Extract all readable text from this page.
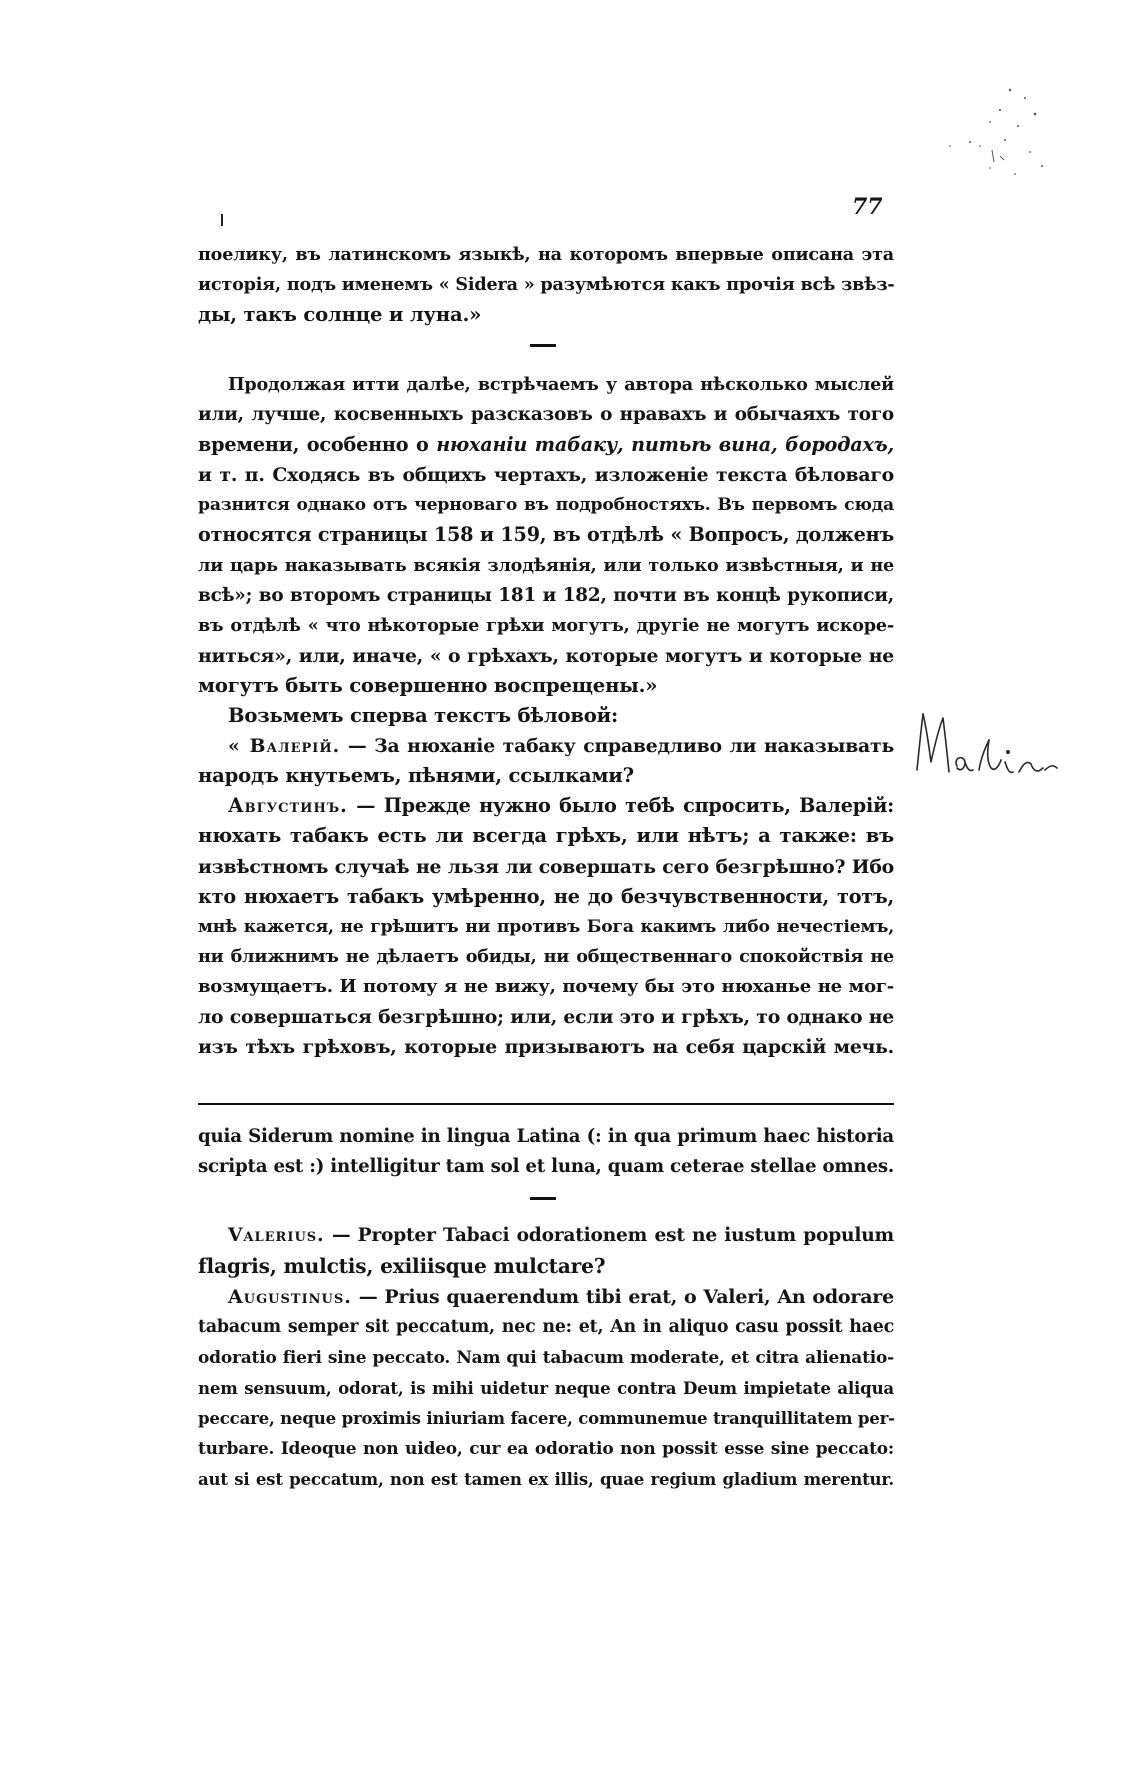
77

поелику, въ латинскомъ языкѣ, на которомъ впервые описана эта

исторія, подъ именемъ « Sidera » разумѣются какъ прочія всѣ звѣз-

ды, такъ солнце и луна.»

Продолжая итти далѣе, встрѣчаемъ у автора нѣсколько мыслей

или, лучше, косвенныхъ разсказовъ о нравахъ и обычаяхъ того

времени, особенно о нюханіи табаку, питьѣ вина, бородахъ,

и т. п. Сходясь въ общихъ чертахъ, изложеніе текста бѣловаго

разнится однако отъ черноваго въ подробностяхъ. Въ первомъ сюда

относятся страницы 158 и 159, въ отдѣлѣ « Вопросъ, долженъ

ли царь наказывать всякія злодѣянія, или только извѣстныя, и не

всѣ»; во второмъ страницы 181 и 182, почти въ концѣ рукописи,

въ отдѣлѣ « что нѣкоторые грѣхи могутъ, другіе не могутъ искоре-

ниться», или, иначе, « о грѣхахъ, которые могутъ и которые не

могутъ быть совершенно воспрещены.»

Возьмемъ сперва текстъ бѣловой:

« Валерій. — За нюханіе табаку справедливо ли наказывать

народъ кнутьемъ, пѣнями, ссылками?

Августинъ. — Прежде нужно было тебѣ спросить, Валерій:

нюхать табакъ есть ли всегда грѣхъ, или нѣтъ; а также: въ

извѣстномъ случаѣ не льзя ли совершать сего безгрѣшно? Ибо

кто нюхаетъ табакъ умѣренно, не до безчувственности, тотъ,

мнѣ кажется, не грѣшитъ ни противъ Бога какимъ либо нечестіемъ,

ни ближнимъ не дѣлаетъ обиды, ни общественнаго спокойствія не

возмущаетъ. И потому я не вижу, почему бы это нюханье не мог-

ло совершаться безгрѣшно; или, если это и грѣхъ, то однако не

изъ тѣхъ грѣховъ, которые призываютъ на себя царскій мечь.

quia Siderum nomine in lingua Latina (: in qua primum haec historia

scripta est :) intelligitur tam sol et luna, quam ceterae stellae omnes.

Valerius. — Propter Tabaci odorationem est ne iustum populum

flagris, mulctis, exiliisque mulctare?

Augustinus. — Prius quaerendum tibi erat, o Valeri, An odorare

tabacum semper sit peccatum, nec ne: et, An in aliquo casu possit haec

odoratio fieri sine peccato. Nam qui tabacum moderate, et citra alienatio-

nem sensuum, odorat, is mihi uidetur neque contra Deum impietate aliqua

peccare, neque proximis iniuriam facere, communemue tranquillitatem per-

turbare. Ideoque non uideo, cur ea odoratio non possit esse sine peccato:

aut si est peccatum, non est tamen ex illis, quae regium gladium merentur.
